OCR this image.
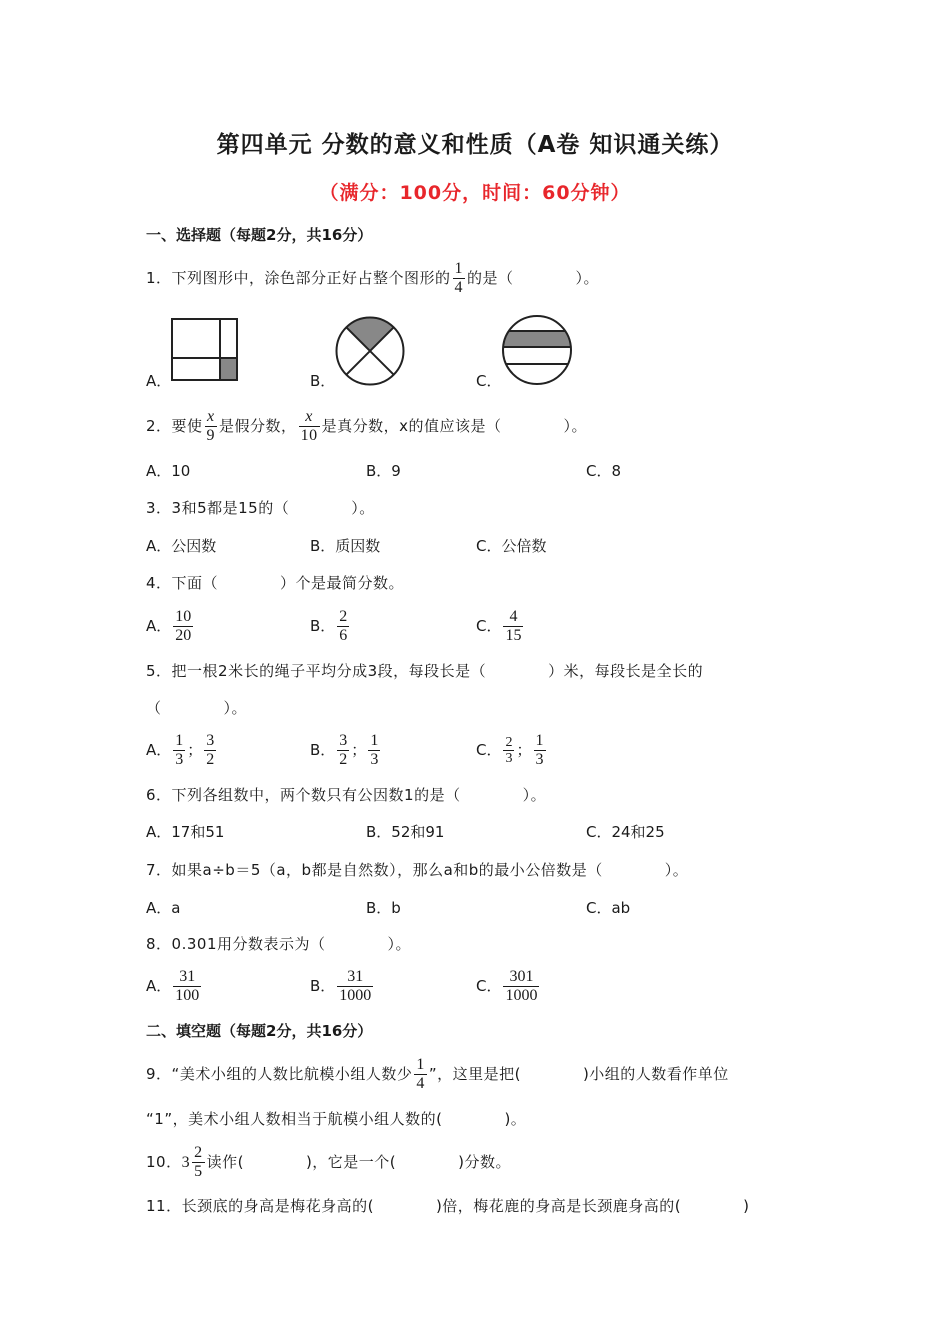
第四单元 分数的意义和性质（A卷 知识通关练）
（满分：100分，时间：60分钟）
一、选择题（每题2分，共16分）
1．下列图形中，涂色部分正好占整个图形的 $\frac{1}{4}$ 的是（　　　　）。
A．	B．	C．
2．要使 $\frac{x}{9}$ 是假分数， $\frac{x}{10}$ 是真分数，x的值应该是（　　　　）。
A．10	B．9	C．8
3．3和5都是15的（　　　　）。
A．公因数	B．质因数	C．公倍数
4．下面（　　　　）个是最简分数。
A． $\frac{10}{20}$	B． $\frac{2}{6}$	C． $\frac{4}{15}$
5．把一根2米长的绳子平均分成3段，每段长是（　　　　）米，每段长是全长的
（　　　　）。
A． $\frac{1}{3}$ ； $\frac{3}{2}$	B． $\frac{3}{2}$ ； $\frac{1}{3}$	C． $\frac{2}{3}$ ； $\frac{1}{3}$
6．下列各组数中，两个数只有公因数1的是（　　　　）。
A．17和51	B．52和91	C．24和25
7．如果a÷b＝5（a，b都是自然数），那么a和b的最小公倍数是（　　　　）。
A．a	B．b	C．ab
8．0.301用分数表示为（　　　　）。
A． $\frac{31}{100}$	B． $\frac{31}{1000}$	C． $\frac{301}{1000}$
二、填空题（每题2分，共16分）
9．“美术小组的人数比航模小组人数少 $\frac{1}{4}$ ”，这里是把(　　　　)小组的人数看作单位
“1”，美术小组人数相当于航模小组人数的(　　　　)。
10． $3 \frac{2}{5}$ 读作(　　　　)，它是一个(　　　　)分数。
11．长颈底的身高是梅花身高的(　　　　)倍，梅花鹿的身高是长颈鹿身高的(　　　　)
